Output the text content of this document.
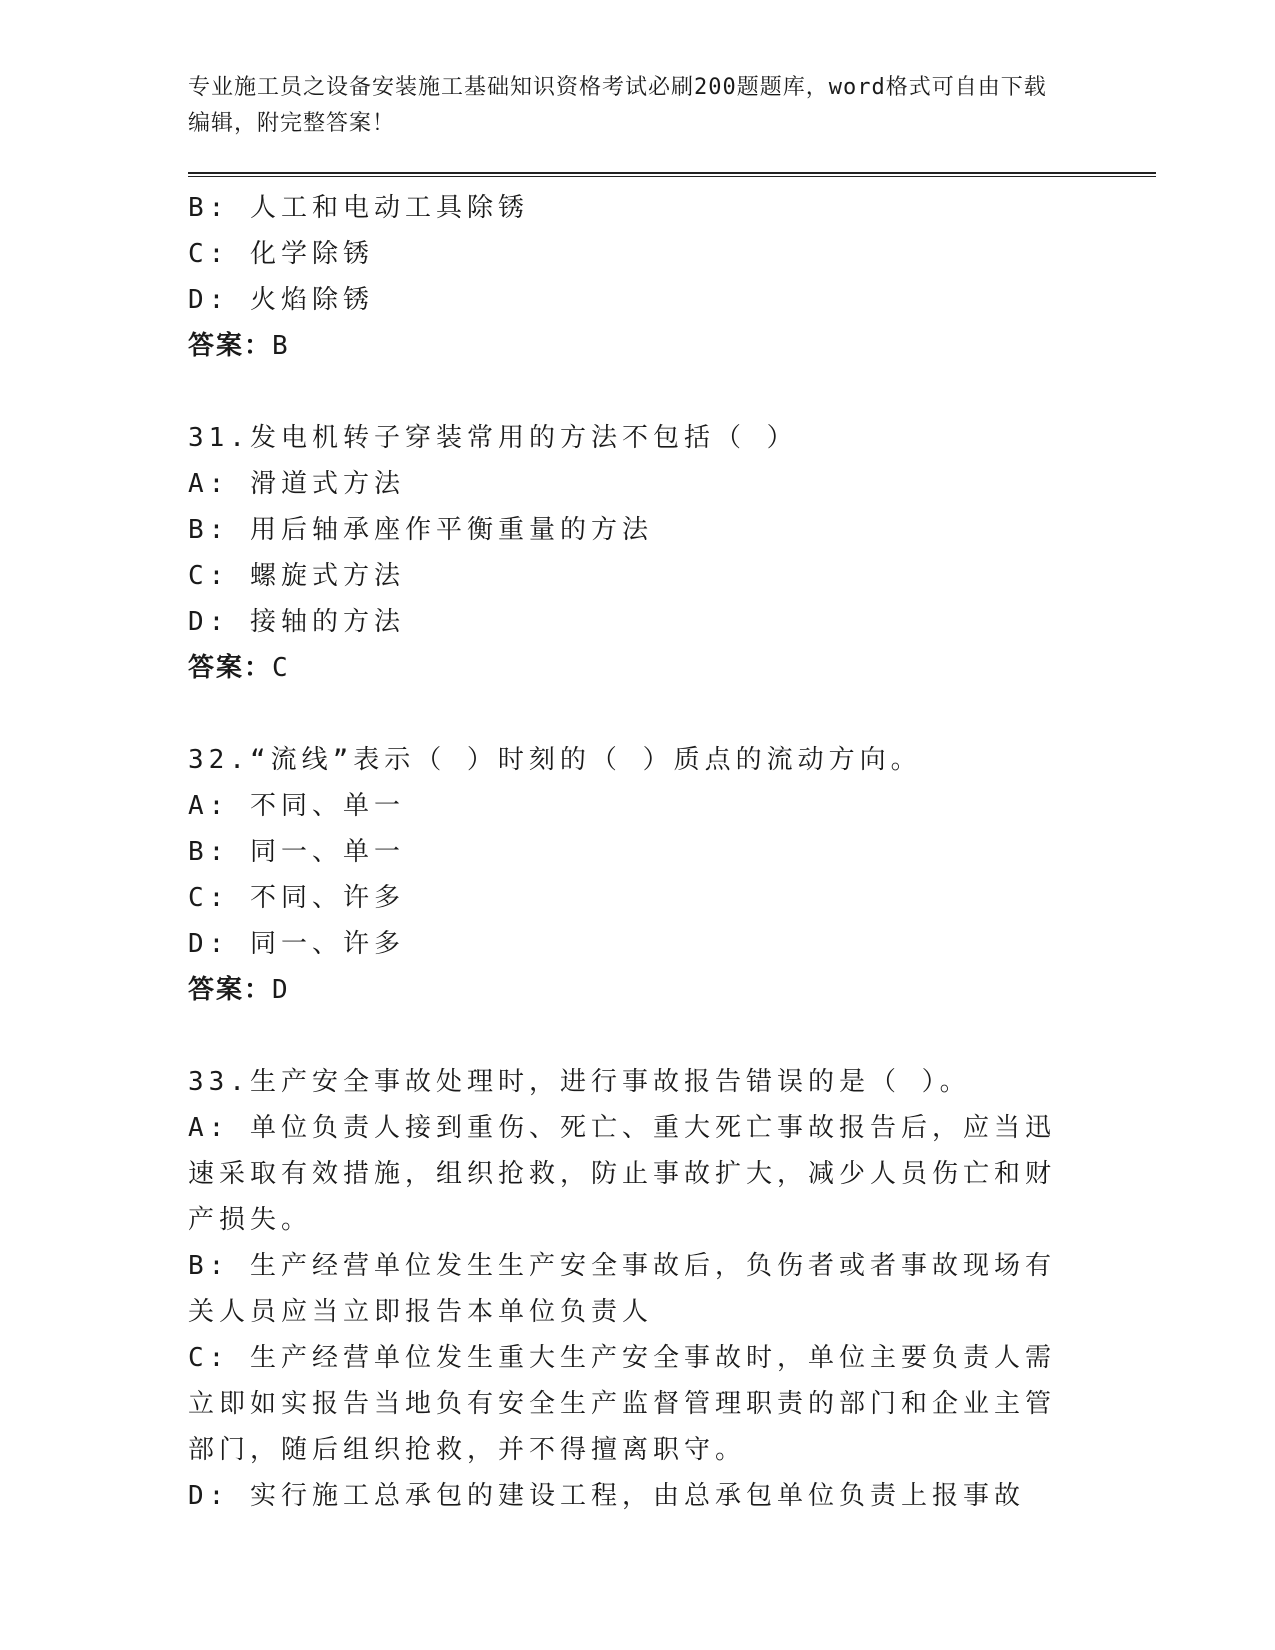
专业施工员之设备安装施工基础知识资格考试必刷200题题库，word格式可自由下载编辑，附完整答案！

B: 人工和电动工具除锈

C: 化学除锈

D: 火焰除锈

答案：B

31.发电机转子穿装常用的方法不包括（ ）

A: 滑道式方法

B: 用后轴承座作平衡重量的方法

C: 螺旋式方法

D: 接轴的方法

答案：C

32.“流线”表示（ ）时刻的（ ）质点的流动方向。

A: 不同、单一

B: 同一、单一

C: 不同、许多

D: 同一、许多

答案：D

33.生产安全事故处理时，进行事故报告错误的是（ ）。

A: 单位负责人接到重伤、死亡、重大死亡事故报告后，应当迅速采取有效措施，组织抢救，防止事故扩大，减少人员伤亡和财产损失。

B: 生产经营单位发生生产安全事故后，负伤者或者事故现场有关人员应当立即报告本单位负责人

C: 生产经营单位发生重大生产安全事故时，单位主要负责人需立即如实报告当地负有安全生产监督管理职责的部门和企业主管部门，随后组织抢救，并不得擅离职守。

D: 实行施工总承包的建设工程，由总承包单位负责上报事故
